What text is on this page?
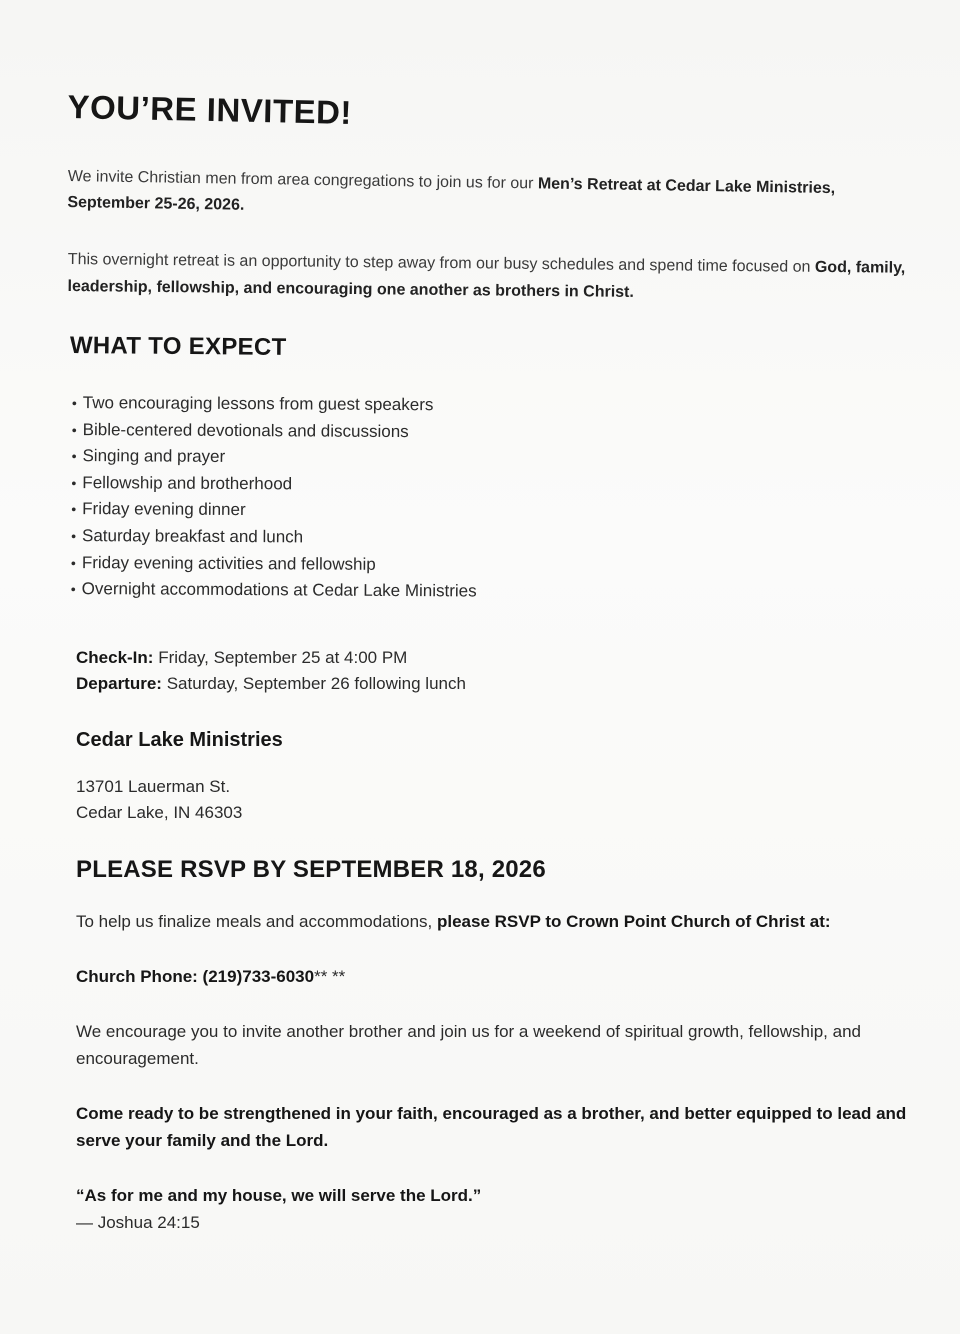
YOU’RE INVITED!

We invite Christian men from area congregations to join us for our Men’s Retreat at Cedar Lake Ministries, September 25-26, 2026.

This overnight retreat is an opportunity to step away from our busy schedules and spend time focused on God, family, leadership, fellowship, and encouraging one another as brothers in Christ.

WHAT TO EXPECT
• Two encouraging lessons from guest speakers
• Bible-centered devotionals and discussions
• Singing and prayer
• Fellowship and brotherhood
• Friday evening dinner
• Saturday breakfast and lunch
• Friday evening activities and fellowship
• Overnight accommodations at Cedar Lake Ministries

Check-In: Friday, September 25 at 4:00 PM

Departure: Saturday, September 26 following lunch

Cedar Lake Ministries

13701 Lauerman St.
Cedar Lake, IN 46303

PLEASE RSVP BY SEPTEMBER 18, 2026

To help us finalize meals and accommodations, please RSVP to Crown Point Church of Christ at:

Church Phone: (219)733-6030** **

We encourage you to invite another brother and join us for a weekend of spiritual growth, fellowship, and encouragement.

Come ready to be strengthened in your faith, encouraged as a brother, and better equipped to lead and serve your family and the Lord.

“As for me and my house, we will serve the Lord.”

— Joshua 24:15
